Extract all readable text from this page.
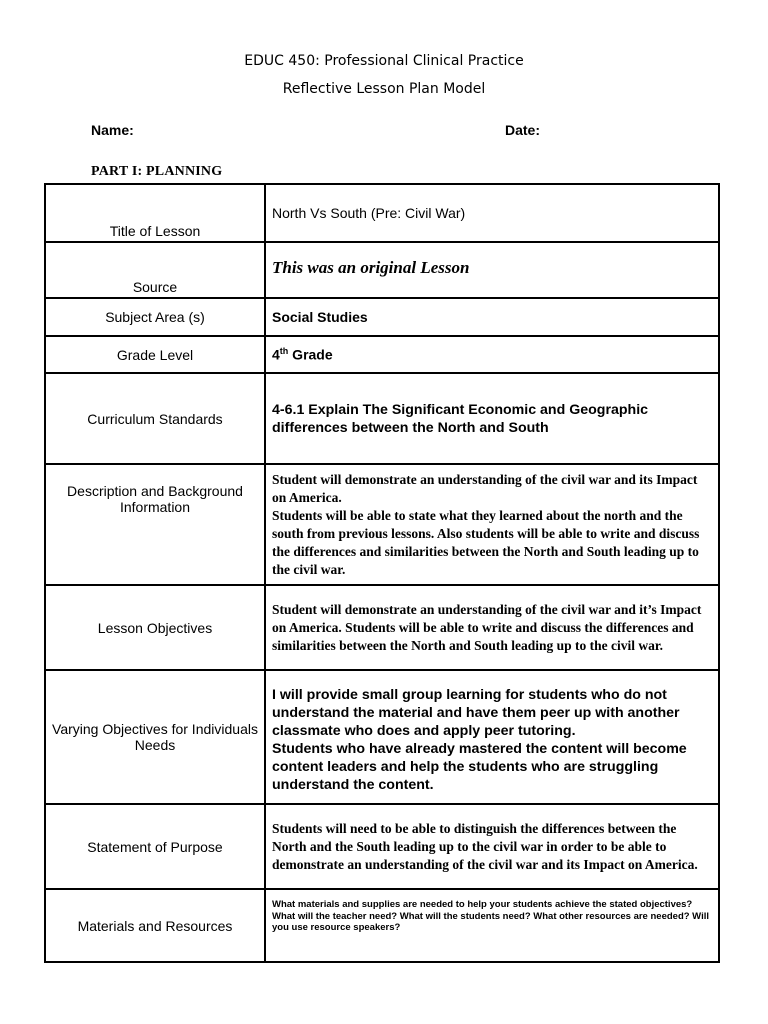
EDUC 450: Professional Clinical Practice
Reflective Lesson Plan Model
Name:	Date:
PART I: PLANNING
Title of Lesson	North Vs South (Pre: Civil War)
Source	This was an original Lesson
Subject Area (s)	Social Studies
Grade Level	4th Grade
Curriculum Standards	4-6.1 Explain The Significant Economic and Geographic differences between the North and South
Description and Background Information	Student will demonstrate an understanding of the civil war and its Impact on America.
Students will be able to state what they learned about the north and the south from previous lessons. Also students will be able to write and discuss the differences and similarities between the North and South leading up to the civil war.

Lesson Objectives	Student will demonstrate an understanding of the civil war and it’s Impact on America. Students will be able to write and discuss the differences and similarities between the North and South leading up to the civil war.
Varying Objectives for Individuals Needs	I will provide small group learning for students who do not understand the material and have them peer up with another classmate who does and apply peer tutoring.
Students who have already mastered the content will become content leaders and help the students who are struggling understand the content.

Statement of Purpose	Students will need to be able to distinguish the differences between the North and the South leading up to the civil war in order to be able to demonstrate an understanding of the civil war and its Impact on America.
Materials and Resources	What materials and supplies are needed to help your students achieve the stated objectives? What will the teacher need? What will the students need? What other resources are needed? Will you use resource speakers?
